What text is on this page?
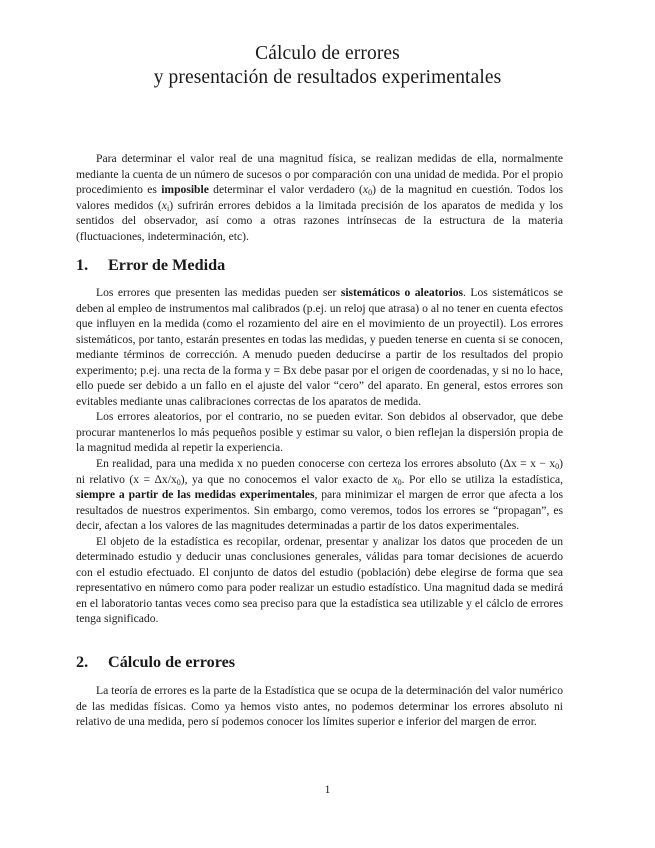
Cálculo de errores
y presentación de resultados experimentales

Para determinar el valor real de una magnitud física, se realizan medidas de ella, normalmente mediante la cuenta de un número de sucesos o por comparación con una unidad de medida. Por el propio procedimiento es imposible determinar el valor verdadero $(x_0)$ de la magnitud en cuestión. Todos los valores medidos $(x_i)$ sufrirán errores debidos a la limitada precisión de los aparatos de medida y los sentidos del observador, así como a otras razones intrínsecas de la estructura de la materia (fluctuaciones, indeterminación, etc).

1. Error de Medida

Los errores que presenten las medidas pueden ser sistemáticos o aleatorios. Los sistemáticos se deben al empleo de instrumentos mal calibrados (p.ej. un reloj que atrasa) o al no tener en cuenta efectos que influyen en la medida (como el rozamiento del aire en el movimiento de un proyectil). Los errores sistemáticos, por tanto, estarán presentes en todas las medidas, y pueden tenerse en cuenta si se conocen, mediante términos de corrección. A menudo pueden deducirse a partir de los resultados del propio experimento; p.ej. una recta de la forma y = Bx debe pasar por el origen de coordenadas, y si no lo hace, ello puede ser debido a un fallo en el ajuste del valor “cero” del aparato. En general, estos errores son evitables mediante unas calibraciones correctas de los aparatos de medida.

Los errores aleatorios, por el contrario, no se pueden evitar. Son debidos al observador, que debe procurar mantenerlos lo más pequeños posible y estimar su valor, o bien reflejan la dispersión propia de la magnitud medida al repetir la experiencia.

En realidad, para una medida x no pueden conocerse con certeza los errores absoluto $(\Delta x = x - x_0)$ ni relativo $(x = \Delta x/x_0)$, ya que no conocemos el valor exacto de $x_0$. Por ello se utiliza la estadística, siempre a partir de las medidas experimentales, para minimizar el margen de error que afecta a los resultados de nuestros experimentos. Sin embargo, como veremos, todos los errores se “propagan”, es decir, afectan a los valores de las magnitudes determinadas a partir de los datos experimentales.

El objeto de la estadística es recopilar, ordenar, presentar y analizar los datos que proceden de un determinado estudio y deducir unas conclusiones generales, válidas para tomar decisiones de acuerdo con el estudio efectuado. El conjunto de datos del estudio (población) debe elegirse de forma que sea representativo en número como para poder realizar un estudio estadístico. Una magnitud dada se medirá en el laboratorio tantas veces como sea preciso para que la estadística sea utilizable y el cálclo de errores tenga significado.

2. Cálculo de errores

La teoría de errores es la parte de la Estadística que se ocupa de la determinación del valor numérico de las medidas físicas. Como ya hemos visto antes, no podemos determinar los errores absoluto ni relativo de una medida, pero sí podemos conocer los límites superior e inferior del margen de error.

1
